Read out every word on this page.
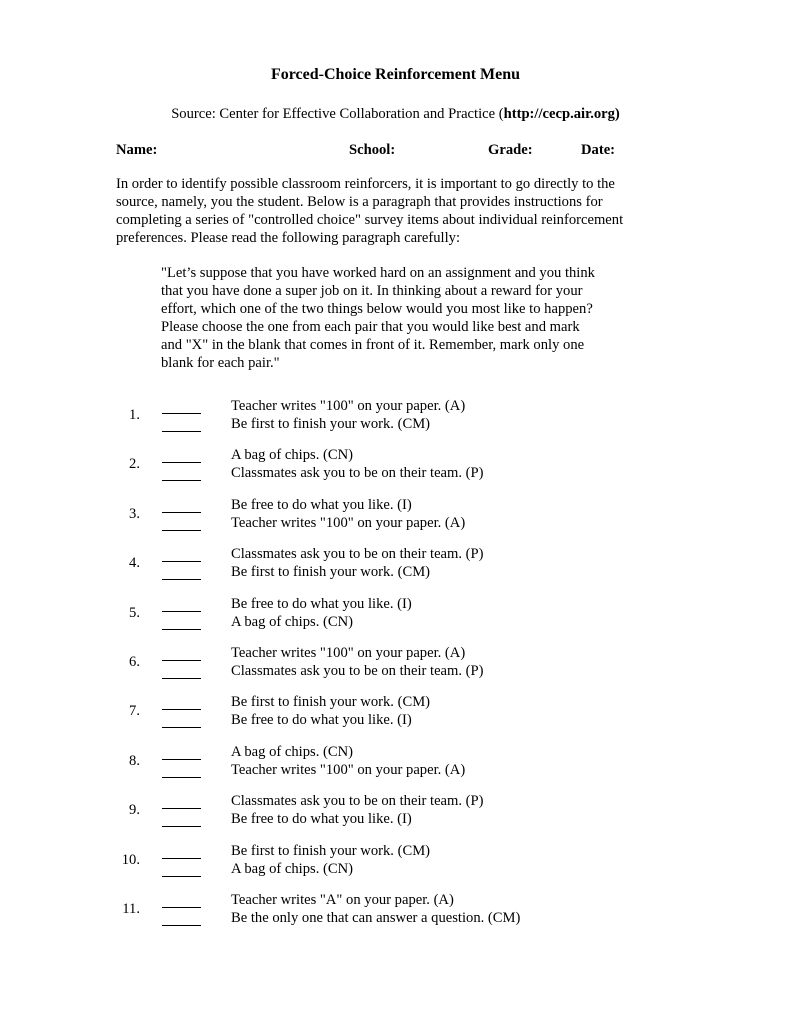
Forced-Choice Reinforcement Menu
Source: Center for Effective Collaboration and Practice (http://cecp.air.org)
Name:	School:	Grade:	Date:
In order to identify possible classroom reinforcers, it is important to go directly to the
source, namely, you the student. Below is a paragraph that provides instructions for
completing a series of "controlled choice" survey items about individual reinforcement
preferences. Please read the following paragraph carefully:
"Let’s suppose that you have worked hard on an assignment and you think
that you have done a super job on it. In thinking about a reward for your
effort, which one of the two things below would you most like to happen?
Please choose the one from each pair that you would like best and mark
and "X" in the blank that comes in front of it. Remember, mark only one
blank for each pair."
1.
Teacher writes "100" on your paper. (A)
Be first to finish your work. (CM)
2.
A bag of chips. (CN)
Classmates ask you to be on their team. (P)
3.
Be free to do what you like. (I)
Teacher writes "100" on your paper. (A)
4.
Classmates ask you to be on their team. (P)
Be first to finish your work. (CM)
5.
Be free to do what you like. (I)
A bag of chips. (CN)
6.
Teacher writes "100" on your paper. (A)
Classmates ask you to be on their team. (P)
7.
Be first to finish your work. (CM)
Be free to do what you like. (I)
8.
A bag of chips. (CN)
Teacher writes "100" on your paper. (A)
9.
Classmates ask you to be on their team. (P)
Be free to do what you like. (I)
10.
Be first to finish your work. (CM)
A bag of chips. (CN)
11.
Teacher writes "A" on your paper. (A)
Be the only one that can answer a question. (CM)
